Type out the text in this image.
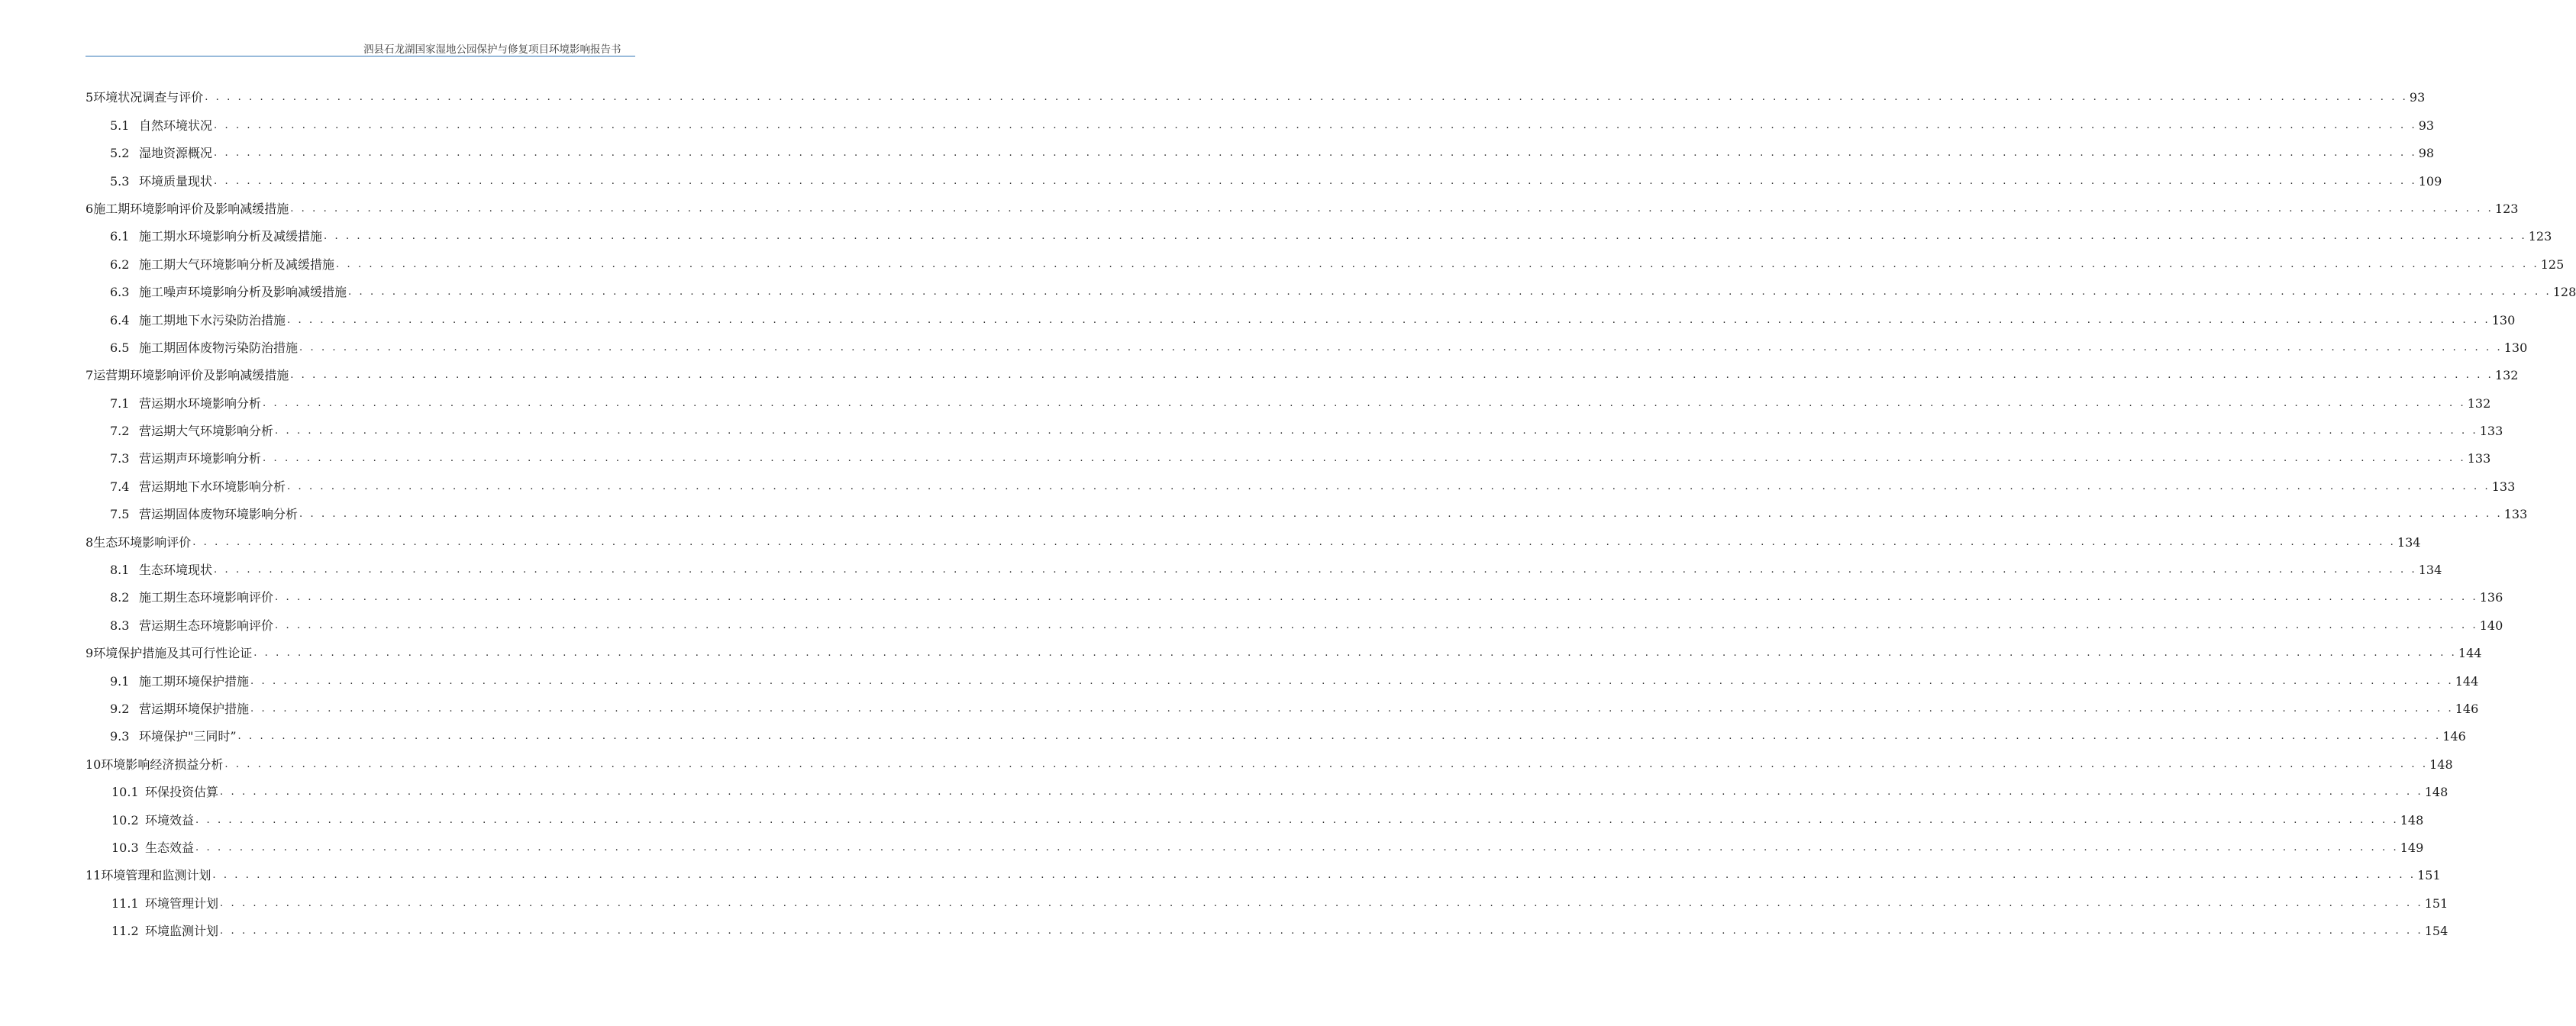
泗县石龙湖国家湿地公园保护与修复项目环境影响报告书
5 环境状况调查与评价 . . . . . . . . . . . . . . . . . . . . . . . . . . . . . . . . . . . . . . . . . . . . . . . . . . . . . . . . . . . . . . . . . . . . . . . . . . . . . . . . . . . . . . . . . . . . . . . . . . . . . . . . . . . . . . . . . . . . . . . . . . . . . . . . . . . . . . . . . . . . . . . . . . . . . . . . . . . . . . . . . . . . . . . . . . . . . . . . . . . . . . . . . . . . . . . . . . . . . . . . 93
5.1 自然环境状况 . . . . . . . . . . . . . . . . . . . . . . . . . . . . . . . . . . . . . . . . . . . . . . . . . . . . . . . . . . . . . . . . . . . . . . . . . . . . . . . . . . . . . . . . . . . . . . . . . . . . . . . . . . . . . . . . . . . . . . . . . . . . . . . . . . . . . . . . . . . . . . . . . . . . . . . . . . . . . . . . . . . . . . . . . . . . . . . . . . . . . . . . . . . . . . . . . . . . . . . . 93
5.2 湿地资源概况 . . . . . . . . . . . . . . . . . . . . . . . . . . . . . . . . . . . . . . . . . . . . . . . . . . . . . . . . . . . . . . . . . . . . . . . . . . . . . . . . . . . . . . . . . . . . . . . . . . . . . . . . . . . . . . . . . . . . . . . . . . . . . . . . . . . . . . . . . . . . . . . . . . . . . . . . . . . . . . . . . . . . . . . . . . . . . . . . . . . . . . . . . . . . . . . . . . . . . . . . 98
5.3 环境质量现状 . . . . . . . . . . . . . . . . . . . . . . . . . . . . . . . . . . . . . . . . . . . . . . . . . . . . . . . . . . . . . . . . . . . . . . . . . . . . . . . . . . . . . . . . . . . . . . . . . . . . . . . . . . . . . . . . . . . . . . . . . . . . . . . . . . . . . . . . . . . . . . . . . . . . . . . . . . . . . . . . . . . . . . . . . . . . . . . . . . . . . . . . . . . . . . . . . . . . . . . . 109
6 施工期环境影响评价及影响减缓措施 . . . . . . . . . . . . . . . . . . . . . . . . . . . . . . . . . . . . . . . . . . . . . . . . . . . . . . . . . . . . . . . . . . . . . . . . . . . . . . . . . . . . . . . . . . . . . . . . . . . . . . . . . . . . . . . . . . . . . . . . . . . . . . . . . . . . . . . . . . . . . . . . . . . . . . . . . . . . . . . . . . . . . . . . . . . . . . . . . . . . . . . . . . . . . . . . . . . . . . . . 123
6.1 施工期水环境影响分析及减缓措施 . . . . . . . . . . . . . . . . . . . . . . . . . . . . . . . . . . . . . . . . . . . . . . . . . . . . . . . . . . . . . . . . . . . . . . . . . . . . . . . . . . . . . . . . . . . . . . . . . . . . . . . . . . . . . . . . . . . . . . . . . . . . . . . . . . . . . . . . . . . . . . . . . . . . . . . . . . . . . . . . . . . . . . . . . . . . . . . . . . . . . . . . . . . . . . . . . . . . . . . . 123
6.2 施工期大气环境影响分析及减缓措施 . . . . . . . . . . . . . . . . . . . . . . . . . . . . . . . . . . . . . . . . . . . . . . . . . . . . . . . . . . . . . . . . . . . . . . . . . . . . . . . . . . . . . . . . . . . . . . . . . . . . . . . . . . . . . . . . . . . . . . . . . . . . . . . . . . . . . . . . . . . . . . . . . . . . . . . . . . . . . . . . . . . . . . . . . . . . . . . . . . . . . . . . . . . . . . . . . . . . . . . . 125
6.3 施工噪声环境影响分析及影响减缓措施 . . . . . . . . . . . . . . . . . . . . . . . . . . . . . . . . . . . . . . . . . . . . . . . . . . . . . . . . . . . . . . . . . . . . . . . . . . . . . . . . . . . . . . . . . . . . . . . . . . . . . . . . . . . . . . . . . . . . . . . . . . . . . . . . . . . . . . . . . . . . . . . . . . . . . . . . . . . . . . . . . . . . . . . . . . . . . . . . . . . . . . . . . . . . . . . . . . . . . . . . 128
6.4 施工期地下水污染防治措施 . . . . . . . . . . . . . . . . . . . . . . . . . . . . . . . . . . . . . . . . . . . . . . . . . . . . . . . . . . . . . . . . . . . . . . . . . . . . . . . . . . . . . . . . . . . . . . . . . . . . . . . . . . . . . . . . . . . . . . . . . . . . . . . . . . . . . . . . . . . . . . . . . . . . . . . . . . . . . . . . . . . . . . . . . . . . . . . . . . . . . . . . . . . . . . . . . . . . . . . . 130
6.5 施工期固体废物污染防治措施 . . . . . . . . . . . . . . . . . . . . . . . . . . . . . . . . . . . . . . . . . . . . . . . . . . . . . . . . . . . . . . . . . . . . . . . . . . . . . . . . . . . . . . . . . . . . . . . . . . . . . . . . . . . . . . . . . . . . . . . . . . . . . . . . . . . . . . . . . . . . . . . . . . . . . . . . . . . . . . . . . . . . . . . . . . . . . . . . . . . . . . . . . . . . . . . . . . . . . . . . 130
7 运营期环境影响评价及影响减缓措施 . . . . . . . . . . . . . . . . . . . . . . . . . . . . . . . . . . . . . . . . . . . . . . . . . . . . . . . . . . . . . . . . . . . . . . . . . . . . . . . . . . . . . . . . . . . . . . . . . . . . . . . . . . . . . . . . . . . . . . . . . . . . . . . . . . . . . . . . . . . . . . . . . . . . . . . . . . . . . . . . . . . . . . . . . . . . . . . . . . . . . . . . . . . . . . . . . . . . . . . . 132
7.1 营运期水环境影响分析 . . . . . . . . . . . . . . . . . . . . . . . . . . . . . . . . . . . . . . . . . . . . . . . . . . . . . . . . . . . . . . . . . . . . . . . . . . . . . . . . . . . . . . . . . . . . . . . . . . . . . . . . . . . . . . . . . . . . . . . . . . . . . . . . . . . . . . . . . . . . . . . . . . . . . . . . . . . . . . . . . . . . . . . . . . . . . . . . . . . . . . . . . . . . . . . . . . . . . . . . 132
7.2 营运期大气环境影响分析 . . . . . . . . . . . . . . . . . . . . . . . . . . . . . . . . . . . . . . . . . . . . . . . . . . . . . . . . . . . . . . . . . . . . . . . . . . . . . . . . . . . . . . . . . . . . . . . . . . . . . . . . . . . . . . . . . . . . . . . . . . . . . . . . . . . . . . . . . . . . . . . . . . . . . . . . . . . . . . . . . . . . . . . . . . . . . . . . . . . . . . . . . . . . . . . . . . . . . . . . 133
7.3 营运期声环境影响分析 . . . . . . . . . . . . . . . . . . . . . . . . . . . . . . . . . . . . . . . . . . . . . . . . . . . . . . . . . . . . . . . . . . . . . . . . . . . . . . . . . . . . . . . . . . . . . . . . . . . . . . . . . . . . . . . . . . . . . . . . . . . . . . . . . . . . . . . . . . . . . . . . . . . . . . . . . . . . . . . . . . . . . . . . . . . . . . . . . . . . . . . . . . . . . . . . . . . . . . . . 133
7.4 营运期地下水环境影响分析 . . . . . . . . . . . . . . . . . . . . . . . . . . . . . . . . . . . . . . . . . . . . . . . . . . . . . . . . . . . . . . . . . . . . . . . . . . . . . . . . . . . . . . . . . . . . . . . . . . . . . . . . . . . . . . . . . . . . . . . . . . . . . . . . . . . . . . . . . . . . . . . . . . . . . . . . . . . . . . . . . . . . . . . . . . . . . . . . . . . . . . . . . . . . . . . . . . . . . . . . 133
7.5 营运期固体废物环境影响分析 . . . . . . . . . . . . . . . . . . . . . . . . . . . . . . . . . . . . . . . . . . . . . . . . . . . . . . . . . . . . . . . . . . . . . . . . . . . . . . . . . . . . . . . . . . . . . . . . . . . . . . . . . . . . . . . . . . . . . . . . . . . . . . . . . . . . . . . . . . . . . . . . . . . . . . . . . . . . . . . . . . . . . . . . . . . . . . . . . . . . . . . . . . . . . . . . . . . . . . . . 133
8 生态环境影响评价 . . . . . . . . . . . . . . . . . . . . . . . . . . . . . . . . . . . . . . . . . . . . . . . . . . . . . . . . . . . . . . . . . . . . . . . . . . . . . . . . . . . . . . . . . . . . . . . . . . . . . . . . . . . . . . . . . . . . . . . . . . . . . . . . . . . . . . . . . . . . . . . . . . . . . . . . . . . . . . . . . . . . . . . . . . . . . . . . . . . . . . . . . . . . . . . . . . . . . . . . 134
8.1 生态环境现状 . . . . . . . . . . . . . . . . . . . . . . . . . . . . . . . . . . . . . . . . . . . . . . . . . . . . . . . . . . . . . . . . . . . . . . . . . . . . . . . . . . . . . . . . . . . . . . . . . . . . . . . . . . . . . . . . . . . . . . . . . . . . . . . . . . . . . . . . . . . . . . . . . . . . . . . . . . . . . . . . . . . . . . . . . . . . . . . . . . . . . . . . . . . . . . . . . . . . . . . . 134
8.2 施工期生态环境影响评价 . . . . . . . . . . . . . . . . . . . . . . . . . . . . . . . . . . . . . . . . . . . . . . . . . . . . . . . . . . . . . . . . . . . . . . . . . . . . . . . . . . . . . . . . . . . . . . . . . . . . . . . . . . . . . . . . . . . . . . . . . . . . . . . . . . . . . . . . . . . . . . . . . . . . . . . . . . . . . . . . . . . . . . . . . . . . . . . . . . . . . . . . . . . . . . . . . . . . . . . . 136
8.3 营运期生态环境影响评价 . . . . . . . . . . . . . . . . . . . . . . . . . . . . . . . . . . . . . . . . . . . . . . . . . . . . . . . . . . . . . . . . . . . . . . . . . . . . . . . . . . . . . . . . . . . . . . . . . . . . . . . . . . . . . . . . . . . . . . . . . . . . . . . . . . . . . . . . . . . . . . . . . . . . . . . . . . . . . . . . . . . . . . . . . . . . . . . . . . . . . . . . . . . . . . . . . . . . . . . . 140
9 环境保护措施及其可行性论证 . . . . . . . . . . . . . . . . . . . . . . . . . . . . . . . . . . . . . . . . . . . . . . . . . . . . . . . . . . . . . . . . . . . . . . . . . . . . . . . . . . . . . . . . . . . . . . . . . . . . . . . . . . . . . . . . . . . . . . . . . . . . . . . . . . . . . . . . . . . . . . . . . . . . . . . . . . . . . . . . . . . . . . . . . . . . . . . . . . . . . . . . . . . . . . . . . . . . . . . . 144
9.1 施工期环境保护措施 . . . . . . . . . . . . . . . . . . . . . . . . . . . . . . . . . . . . . . . . . . . . . . . . . . . . . . . . . . . . . . . . . . . . . . . . . . . . . . . . . . . . . . . . . . . . . . . . . . . . . . . . . . . . . . . . . . . . . . . . . . . . . . . . . . . . . . . . . . . . . . . . . . . . . . . . . . . . . . . . . . . . . . . . . . . . . . . . . . . . . . . . . . . . . . . . . . . . . . . . 144
9.2 营运期环境保护措施 . . . . . . . . . . . . . . . . . . . . . . . . . . . . . . . . . . . . . . . . . . . . . . . . . . . . . . . . . . . . . . . . . . . . . . . . . . . . . . . . . . . . . . . . . . . . . . . . . . . . . . . . . . . . . . . . . . . . . . . . . . . . . . . . . . . . . . . . . . . . . . . . . . . . . . . . . . . . . . . . . . . . . . . . . . . . . . . . . . . . . . . . . . . . . . . . . . . . . . . . 146
9.3 环境保护"三同时” . . . . . . . . . . . . . . . . . . . . . . . . . . . . . . . . . . . . . . . . . . . . . . . . . . . . . . . . . . . . . . . . . . . . . . . . . . . . . . . . . . . . . . . . . . . . . . . . . . . . . . . . . . . . . . . . . . . . . . . . . . . . . . . . . . . . . . . . . . . . . . . . . . . . . . . . . . . . . . . . . . . . . . . . . . . . . . . . . . . . . . . . . . . . . . . . . . . . . . . . 146
10 环境影响经济损益分析 . . . . . . . . . . . . . . . . . . . . . . . . . . . . . . . . . . . . . . . . . . . . . . . . . . . . . . . . . . . . . . . . . . . . . . . . . . . . . . . . . . . . . . . . . . . . . . . . . . . . . . . . . . . . . . . . . . . . . . . . . . . . . . . . . . . . . . . . . . . . . . . . . . . . . . . . . . . . . . . . . . . . . . . . . . . . . . . . . . . . . . . . . . . . . . . . . . . . . . . . 148
10.1 环保投资估算 . . . . . . . . . . . . . . . . . . . . . . . . . . . . . . . . . . . . . . . . . . . . . . . . . . . . . . . . . . . . . . . . . . . . . . . . . . . . . . . . . . . . . . . . . . . . . . . . . . . . . . . . . . . . . . . . . . . . . . . . . . . . . . . . . . . . . . . . . . . . . . . . . . . . . . . . . . . . . . . . . . . . . . . . . . . . . . . . . . . . . . . . . . . . . . . . . . . . . . . . 148
10.2 环境效益 . . . . . . . . . . . . . . . . . . . . . . . . . . . . . . . . . . . . . . . . . . . . . . . . . . . . . . . . . . . . . . . . . . . . . . . . . . . . . . . . . . . . . . . . . . . . . . . . . . . . . . . . . . . . . . . . . . . . . . . . . . . . . . . . . . . . . . . . . . . . . . . . . . . . . . . . . . . . . . . . . . . . . . . . . . . . . . . . . . . . . . . . . . . . . . . . . . . . . . . . 148
10.3 生态效益 . . . . . . . . . . . . . . . . . . . . . . . . . . . . . . . . . . . . . . . . . . . . . . . . . . . . . . . . . . . . . . . . . . . . . . . . . . . . . . . . . . . . . . . . . . . . . . . . . . . . . . . . . . . . . . . . . . . . . . . . . . . . . . . . . . . . . . . . . . . . . . . . . . . . . . . . . . . . . . . . . . . . . . . . . . . . . . . . . . . . . . . . . . . . . . . . . . . . . . . . 149
11 环境管理和监测计划 . . . . . . . . . . . . . . . . . . . . . . . . . . . . . . . . . . . . . . . . . . . . . . . . . . . . . . . . . . . . . . . . . . . . . . . . . . . . . . . . . . . . . . . . . . . . . . . . . . . . . . . . . . . . . . . . . . . . . . . . . . . . . . . . . . . . . . . . . . . . . . . . . . . . . . . . . . . . . . . . . . . . . . . . . . . . . . . . . . . . . . . . . . . . . . . . . . . . . . . . 151
11.1 环境管理计划 . . . . . . . . . . . . . . . . . . . . . . . . . . . . . . . . . . . . . . . . . . . . . . . . . . . . . . . . . . . . . . . . . . . . . . . . . . . . . . . . . . . . . . . . . . . . . . . . . . . . . . . . . . . . . . . . . . . . . . . . . . . . . . . . . . . . . . . . . . . . . . . . . . . . . . . . . . . . . . . . . . . . . . . . . . . . . . . . . . . . . . . . . . . . . . . . . . . . . . . . 151
11.2 环境监测计划 . . . . . . . . . . . . . . . . . . . . . . . . . . . . . . . . . . . . . . . . . . . . . . . . . . . . . . . . . . . . . . . . . . . . . . . . . . . . . . . . . . . . . . . . . . . . . . . . . . . . . . . . . . . . . . . . . . . . . . . . . . . . . . . . . . . . . . . . . . . . . . . . . . . . . . . . . . . . . . . . . . . . . . . . . . . . . . . . . . . . . . . . . . . . . . . . . . . . . . . . 154
